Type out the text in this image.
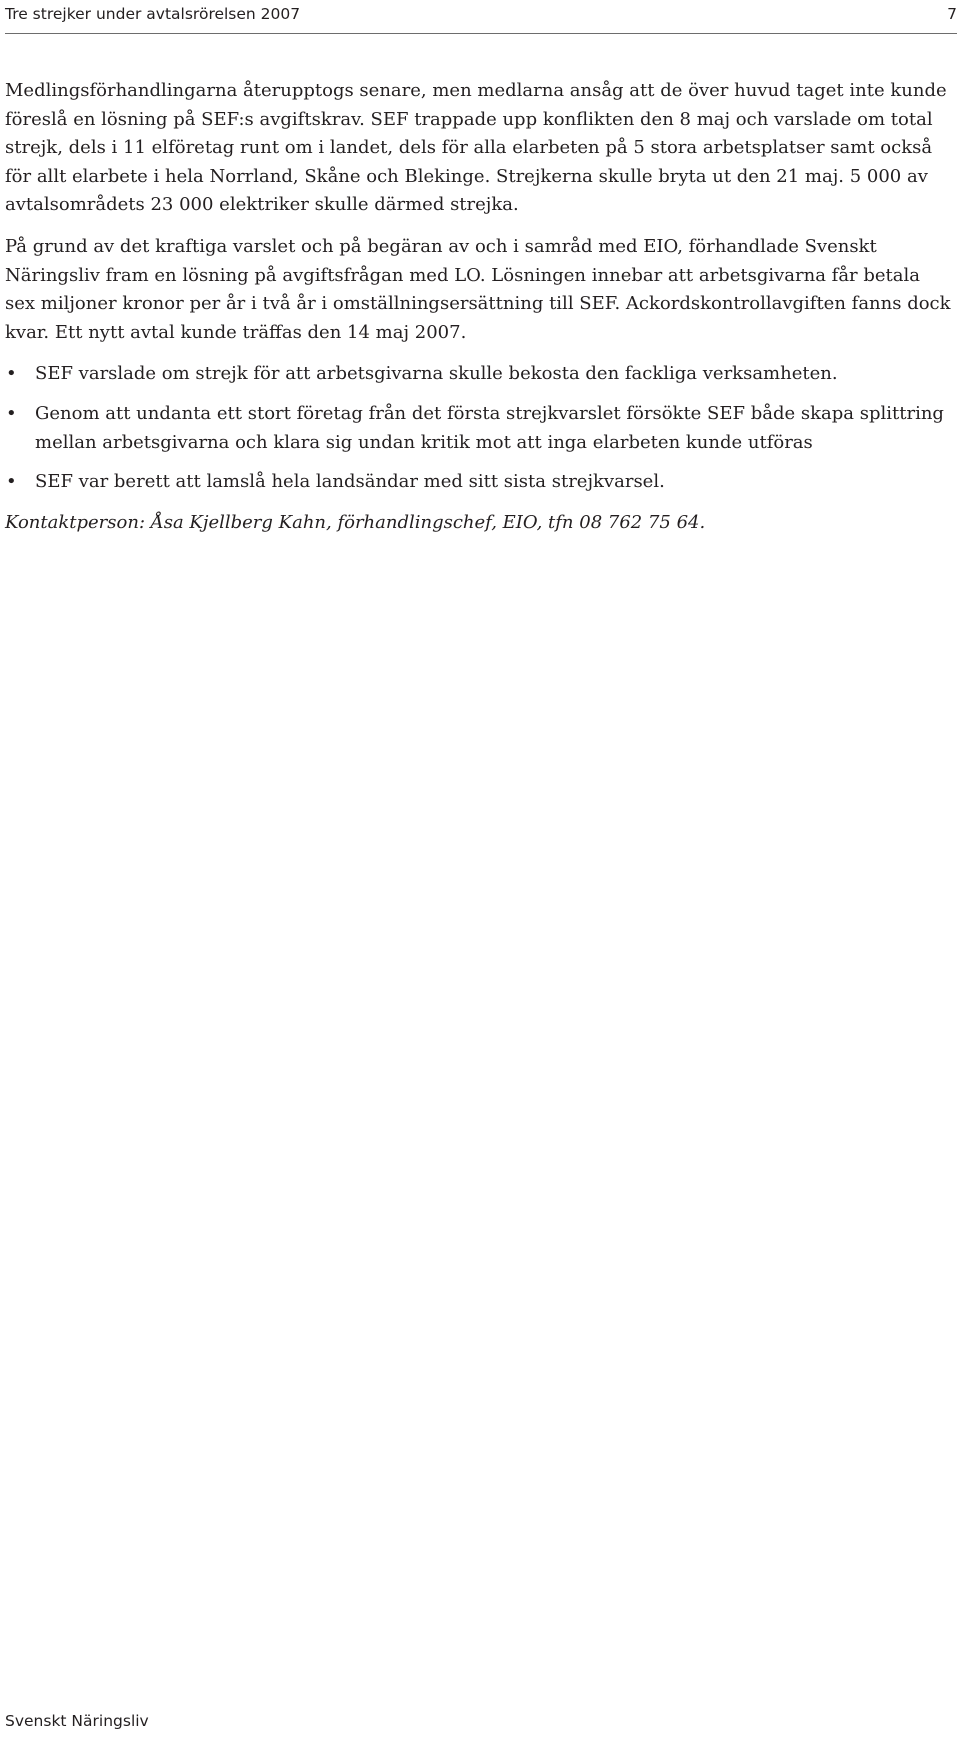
Tre strejker under avtalsrörelsen 2007	7

Medlingsförhandlingarna återupptogs senare, men medlarna ansåg att de över huvud taget inte kunde föreslå en lösning på SEF:s avgiftskrav. SEF trappade upp konflikten den 8 maj och varslade om total strejk, dels i 11 elföretag runt om i landet, dels för alla elarbeten på 5 stora arbetsplatser samt också för allt elarbete i hela Norrland, Skåne och Blekinge. Strejkerna skulle bryta ut den 21 maj. 5 000 av avtalsområdets 23 000 elektriker skulle därmed strejka.

På grund av det kraftiga varslet och på begäran av och i samråd med EIO, förhandlade Svenskt Näringsliv fram en lösning på avgiftsfrågan med LO. Lösningen innebar att arbetsgivarna får betala sex miljoner kronor per år i två år i omställningsersättning till SEF. Ackordskontrollavgiften fanns dock kvar. Ett nytt avtal kunde träffas den 14 maj 2007.

• SEF varslade om strejk för att arbetsgivarna skulle bekosta den fackliga verksamheten.
• Genom att undanta ett stort företag från det första strejkvarslet försökte SEF både skapa splittring mellan arbetsgivarna och klara sig undan kritik mot att inga elarbeten kunde utföras
• SEF var berett att lamslå hela landsändar med sitt sista strejkvarsel.

Kontaktperson: Åsa Kjellberg Kahn, förhandlingschef, EIO, tfn 08 762 75 64.

Svenskt Näringsliv
